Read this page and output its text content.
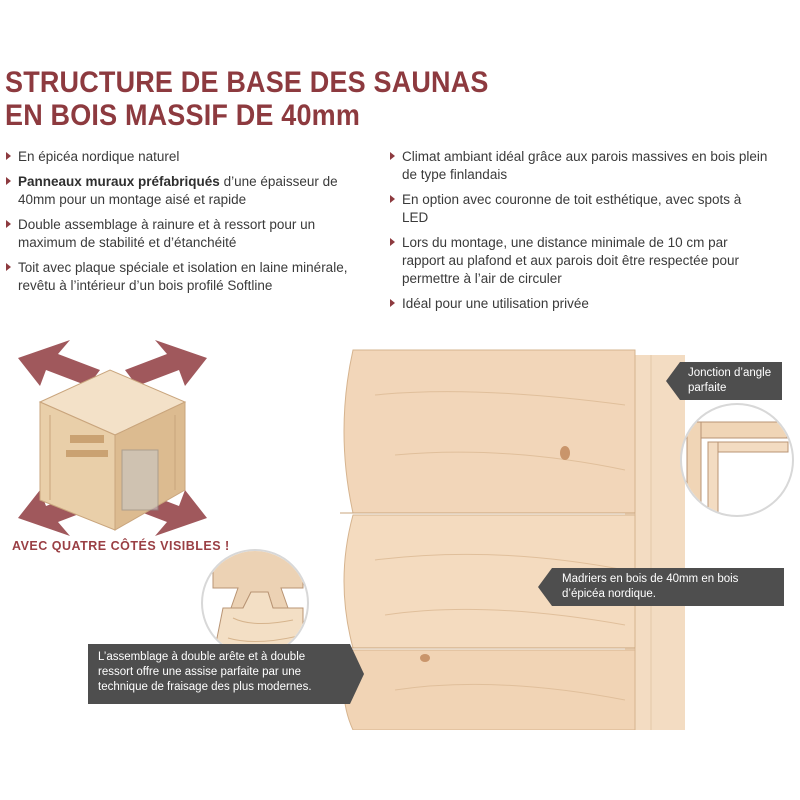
STRUCTURE DE BASE DES SAUNAS
EN BOIS MASSIF DE 40mm
En épicéa nordique naturel
Panneaux muraux préfabriqués d’une épaisseur de 40mm pour un montage aisé et rapide
Double assemblage à rainure et à ressort pour un maximum de stabilité et d’étanchéité
Toit avec plaque spéciale et isolation en laine minérale, revêtu à l’intérieur d’un bois profilé Softline
Climat ambiant idéal grâce aux parois massives en bois plein de type finlandais
En option avec couronne de toit esthétique, avec spots à LED
Lors du montage, une distance minimale de 10 cm par rapport au plafond et aux parois doit être respectée pour permettre à l’air de circuler
Idéal pour une utilisation privée
AVEC QUATRE CÔTÉS VISIBLES !
Jonction d’angle parfaite
Madriers en bois de 40mm en bois d’épicéa nordique.
L’assemblage à double arête et à double ressort offre une assise parfaite par une technique de fraisage des plus modernes.
